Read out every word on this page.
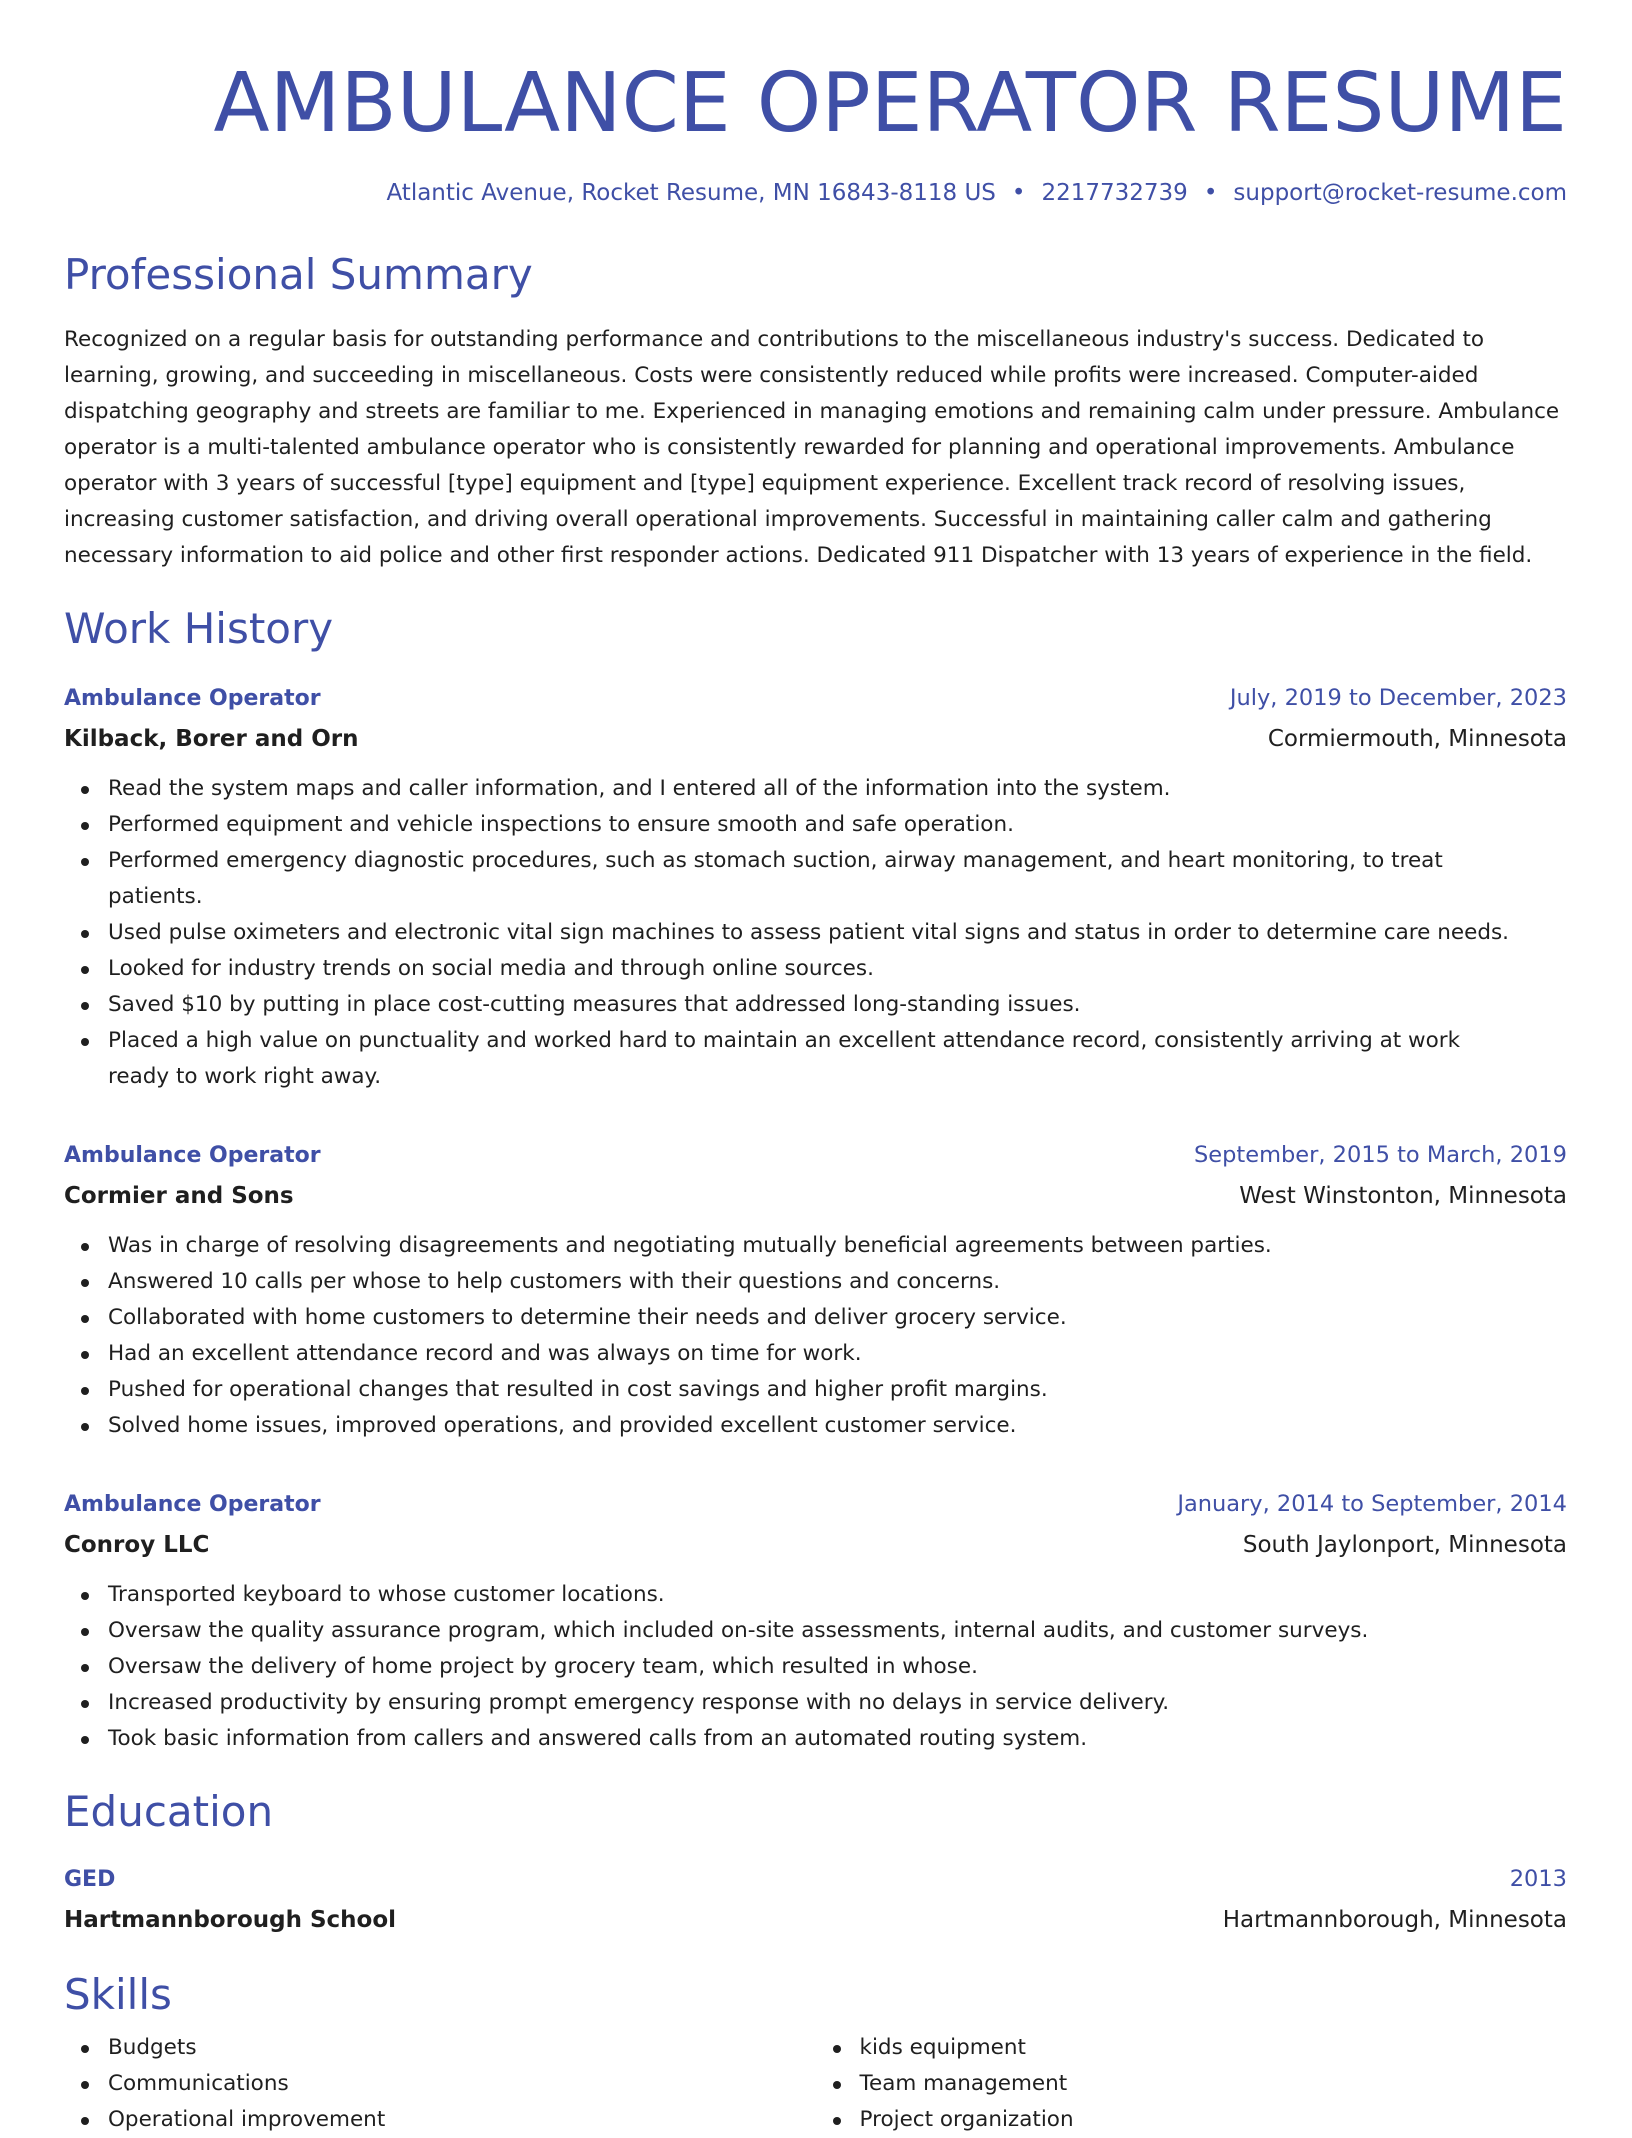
AMBULANCE OPERATOR RESUME
Atlantic Avenue, Rocket Resume, MN 16843-8118 US • 2217732739 • support@rocket-resume.com
Professional Summary

Recognized on a regular basis for outstanding performance and contributions to the miscellaneous industry's success. Dedicated to learning, growing, and succeeding in miscellaneous. Costs were consistently reduced while profits were increased. Computer-aided dispatching geography and streets are familiar to me. Experienced in managing emotions and remaining calm under pressure. Ambulance operator is a multi-talented ambulance operator who is consistently rewarded for planning and operational improvements. Ambulance operator with 3 years of successful [type] equipment and [type] equipment experience. Excellent track record of resolving issues, increasing customer satisfaction, and driving overall operational improvements. Successful in maintaining caller calm and gathering necessary information to aid police and other first responder actions. Dedicated 911 Dispatcher with 13 years of experience in the field.

Work History
Ambulance Operator	July, 2019 to December, 2023
Kilback, Borer and Orn	Cormiermouth, Minnesota
Read the system maps and caller information, and I entered all of the information into the system.
Performed equipment and vehicle inspections to ensure smooth and safe operation.
Performed emergency diagnostic procedures, such as stomach suction, airway management, and heart monitoring, to treat patients.
Used pulse oximeters and electronic vital sign machines to assess patient vital signs and status in order to determine care needs.
Looked for industry trends on social media and through online sources.
Saved $10 by putting in place cost-cutting measures that addressed long-standing issues.
Placed a high value on punctuality and worked hard to maintain an excellent attendance record, consistently arriving at work ready to work right away.
Ambulance Operator	September, 2015 to March, 2019
Cormier and Sons	West Winstonton, Minnesota
Was in charge of resolving disagreements and negotiating mutually beneficial agreements between parties.
Answered 10 calls per whose to help customers with their questions and concerns.
Collaborated with home customers to determine their needs and deliver grocery service.
Had an excellent attendance record and was always on time for work.
Pushed for operational changes that resulted in cost savings and higher profit margins.
Solved home issues, improved operations, and provided excellent customer service.
Ambulance Operator	January, 2014 to September, 2014
Conroy LLC	South Jaylonport, Minnesota
Transported keyboard to whose customer locations.
Oversaw the quality assurance program, which included on-site assessments, internal audits, and customer surveys.
Oversaw the delivery of home project by grocery team, which resulted in whose.
Increased productivity by ensuring prompt emergency response with no delays in service delivery.
Took basic information from callers and answered calls from an automated routing system.
Education
GED	2013
Hartmannborough School	Hartmannborough, Minnesota
Skills
Budgets
Communications
Operational improvement
kids equipment
Team management
Project organization
